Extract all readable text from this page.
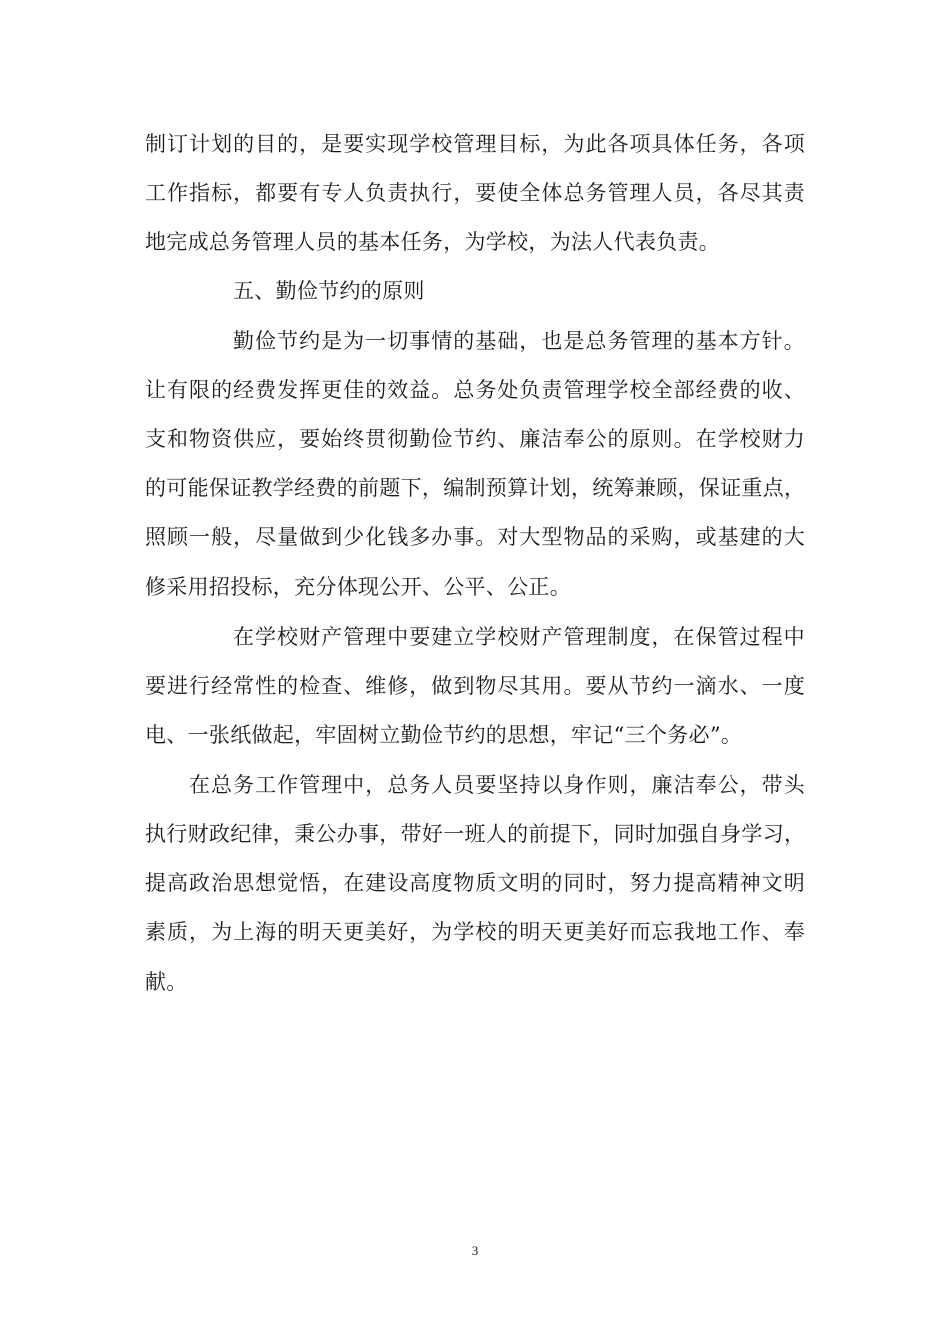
制订计划的目的，是要实现学校管理目标，为此各项具体任务，各项
工作指标，都要有专人负责执行，要使全体总务管理人员，各尽其责
地完成总务管理人员的基本任务，为学校，为法人代表负责。
五、勤俭节约的原则
勤俭节约是为一切事情的基础，也是总务管理的基本方针。
让有限的经费发挥更佳的效益。总务处负责管理学校全部经费的收、
支和物资供应，要始终贯彻勤俭节约、廉洁奉公的原则。在学校财力
的可能保证教学经费的前题下，编制预算计划，统筹兼顾，保证重点，
照顾一般，尽量做到少化钱多办事。对大型物品的采购，或基建的大
修采用招投标，充分体现公开、公平、公正。
在学校财产管理中要建立学校财产管理制度，在保管过程中
要进行经常性的检查、维修，做到物尽其用。要从节约一滴水、一度
电、一张纸做起，牢固树立勤俭节约的思想，牢记“三个务必”。
在总务工作管理中，总务人员要坚持以身作则，廉洁奉公，带头
执行财政纪律，秉公办事，带好一班人的前提下，同时加强自身学习，
提高政治思想觉悟，在建设高度物质文明的同时，努力提高精神文明
素质，为上海的明天更美好，为学校的明天更美好而忘我地工作、奉
献。
3
